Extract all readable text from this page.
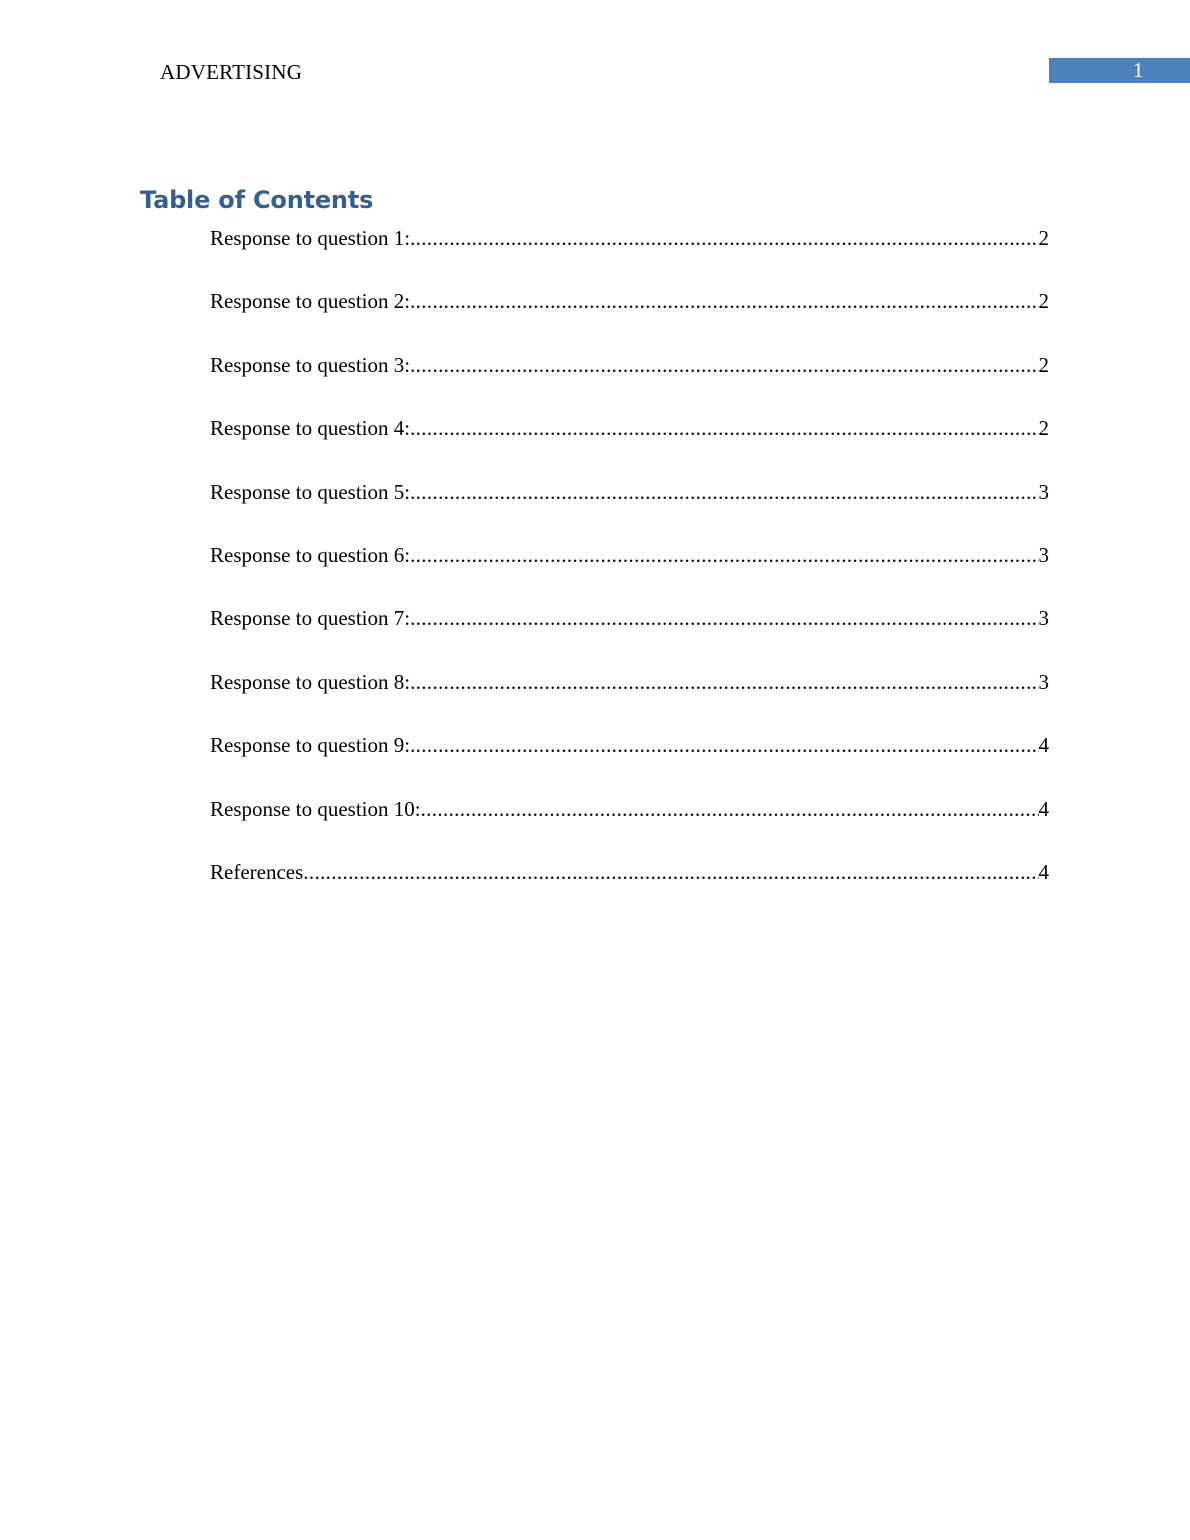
ADVERTISING	1
Table of Contents
Response to question 1: .....	2
Response to question 2: .....	2
Response to question 3: .....	2
Response to question 4: .....	2
Response to question 5: .....	3
Response to question 6: .....	3
Response to question 7: .....	3
Response to question 8: .....	3
Response to question 9: .....	4
Response to question 10: .....	4
References .....	4
